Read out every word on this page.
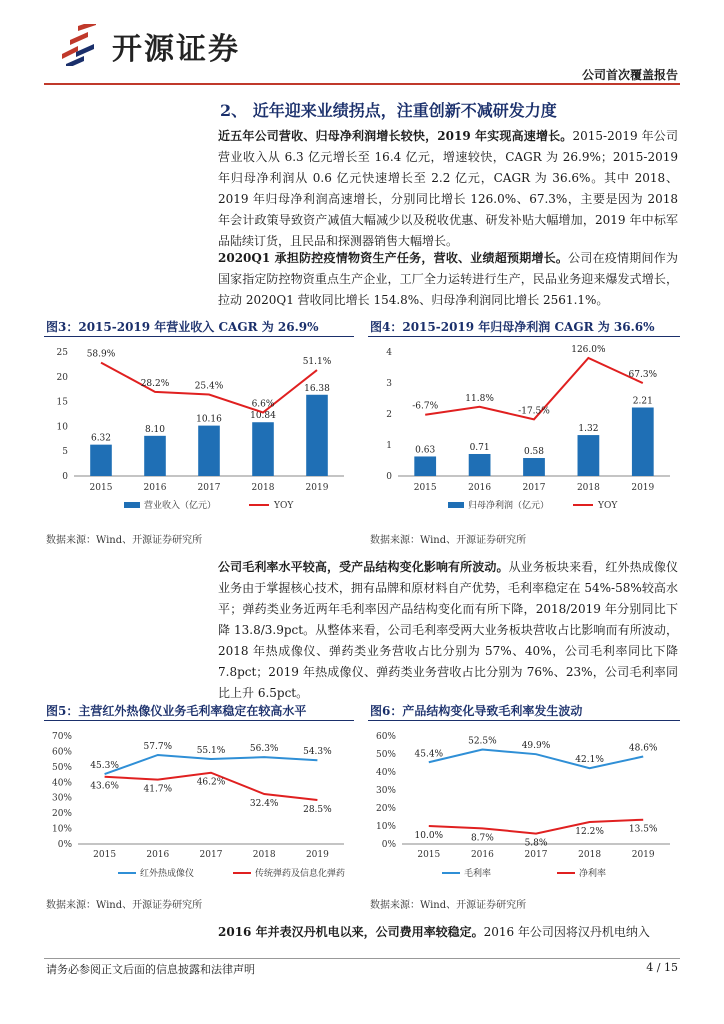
开源证券
公司首次覆盖报告
2、 近年迎来业绩拐点，注重创新不减研发力度
近五年公司营收、归母净利润增长较快，2019 年实现高速增长。2015-2019 年公司营业收入从 6.3 亿元增长至 16.4 亿元，增速较快，CAGR 为 26.9%；2015-2019 年归母净利润从 0.6 亿元快速增长至 2.2 亿元，CAGR 为 36.6%。其中 2018、2019 年归母净利润高速增长，分别同比增长 126.0%、67.3%，主要是因为 2018 年会计政策导致资产减值大幅减少以及税收优惠、研发补贴大幅增加，2019 年中标军品陆续订货，且民品和探测器销售大幅增长。
2020Q1 承担防控疫情物资生产任务，营收、业绩超预期增长。公司在疫情期间作为国家指定防控物资重点生产企业，工厂全力运转进行生产，民品业务迎来爆发式增长，拉动 2020Q1 营收同比增长 154.8%、归母净利润同比增长 2561.1%。
图3：2015-2019 年营业收入 CAGR 为 26.9%	图4：2015-2019 年归母净利润 CAGR 为 36.6%
0
5
10
15
20
25
2015	2016	2017	2018	2019
6.32
8.10
10.16	10.84
16.38
58.9%
28.2%	25.4%
6.6%
51.1%
营业收入（亿元）	YOY
0
1
2
3
4
2015	2016	2017	2018	2019
0.63	0.71	0.58
1.32
2.21
-6.7%
11.8%
-17.5%
126.0%
67.3%
归母净利润（亿元）	YOY
数据来源：Wind、开源证券研究所	数据来源：Wind、开源证券研究所
公司毛利率水平较高，受产品结构变化影响有所波动。从业务板块来看，红外热成像仪业务由于掌握核心技术，拥有品牌和原材料自产优势，毛利率稳定在 54%-58%较高水平；弹药类业务近两年毛利率因产品结构变化而有所下降，2018/2019 年分别同比下降 13.8/3.9pct。从整体来看，公司毛利率受两大业务板块营收占比影响而有所波动，2018 年热成像仪、弹药类业务营收占比分别为 57%、40%，公司毛利率同比下降 7.8pct；2019 年热成像仪、弹药类业务营收占比分别为 76%、23%，公司毛利率同比上升 6.5pct。
图5：主营红外热像仪业务毛利率稳定在较高水平	图6：产品结构变化导致毛利率发生波动
0%
10%
20%
30%
40%
50%
60%
70%
2015	2016	2017	2018	2019
45.3%
57.7%	55.1%	56.3%	54.3%
43.6%	41.7%
46.2%
32.4%
28.5%
红外热成像仪	传统弹药及信息化弹药
0%
10%
20%
30%
40%
50%
60%
2015	2016	2017	2018	2019
45.4%
52.5%	49.9%
42.1%
48.6%
10.0%	8.7%
5.8%
12.2%	13.5%
毛利率	净利率
数据来源：Wind、开源证券研究所	数据来源：Wind、开源证券研究所
2016 年并表汉丹机电以来，公司费用率较稳定。2016 年公司因将汉丹机电纳入
请务必参阅正文后面的信息披露和法律声明	4 / 15
